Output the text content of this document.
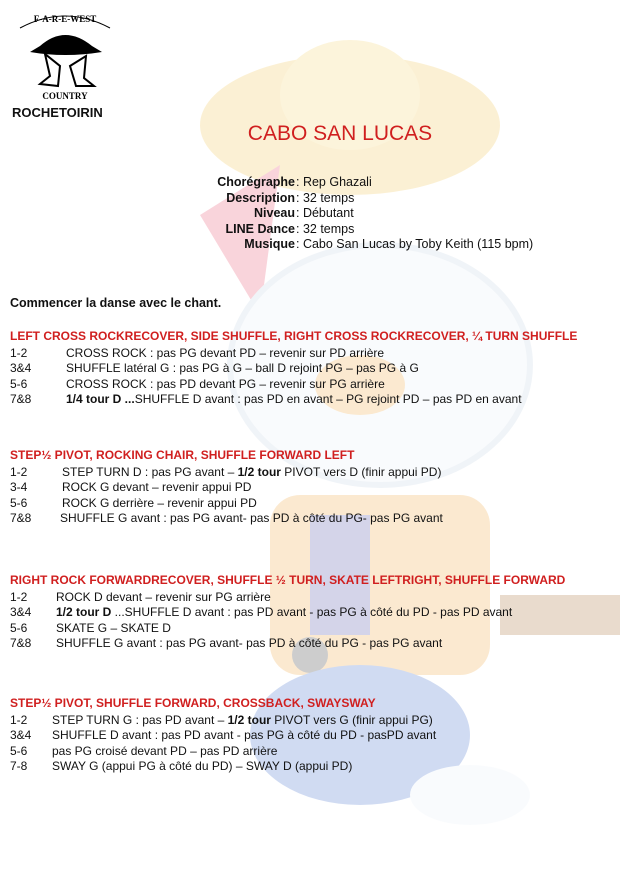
F-A-R-E-WEST
COUNTRY
ROCHETOIRIN
CABO SAN LUCAS
Chorégraphe : Rep Ghazali
Description : 32 temps
Niveau : Débutant
LINE Dance : 32 temps
Musique : Cabo San Lucas by Toby Keith (115 bpm)
Commencer la danse avec le chant.
LEFT CROSS ROCKRECOVER, SIDE SHUFFLE, RIGHT CROSS ROCKRECOVER, ¼ TURN SHUFFLE
1-2	CROSS ROCK : pas PG devant PD – revenir sur PD arrière
3&4	SHUFFLE latéral G : pas PG à G – ball D rejoint PG – pas PG à G
5-6	CROSS ROCK : pas PD devant PG – revenir sur PG arrière
7&8	1/4 tour D ...SHUFFLE D avant : pas PD en avant – PG rejoint PD – pas PD en avant
STEP½ PIVOT, ROCKING CHAIR, SHUFFLE FORWARD LEFT
1-2	STEP TURN D : pas PG avant – 1/2 tour PIVOT vers D (finir appui PD)
3-4	ROCK G devant – revenir appui PD
5-6	ROCK G derrière – revenir appui PD
7&8 SHUFFLE G avant : pas PG avant- pas PD à côté du PG- pas PG avant
RIGHT ROCK FORWARDRECOVER, SHUFFLE ½ TURN, SKATE LEFTRIGHT, SHUFFLE FORWARD
1-2 ROCK D devant – revenir sur PG arrière
3&4 1/2 tour D ...SHUFFLE D avant : pas PD avant - pas PG à côté du PD - pas PD avant
5-6 SKATE G – SKATE D
7&8 SHUFFLE G avant : pas PG avant- pas PD à côté du PG - pas PG avant
STEP½ PIVOT, SHUFFLE FORWARD, CROSSBACK, SWAYSWAY
1-2 STEP TURN G : pas PD avant – 1/2 tour PIVOT vers G (finir appui PG)
3&4 SHUFFLE D avant : pas PD avant - pas PG à côté du PD - pasPD avant
5-6 pas PG croisé devant PD – pas PD arrière
7-8 SWAY G (appui PG à côté du PD) – SWAY D (appui PD)
